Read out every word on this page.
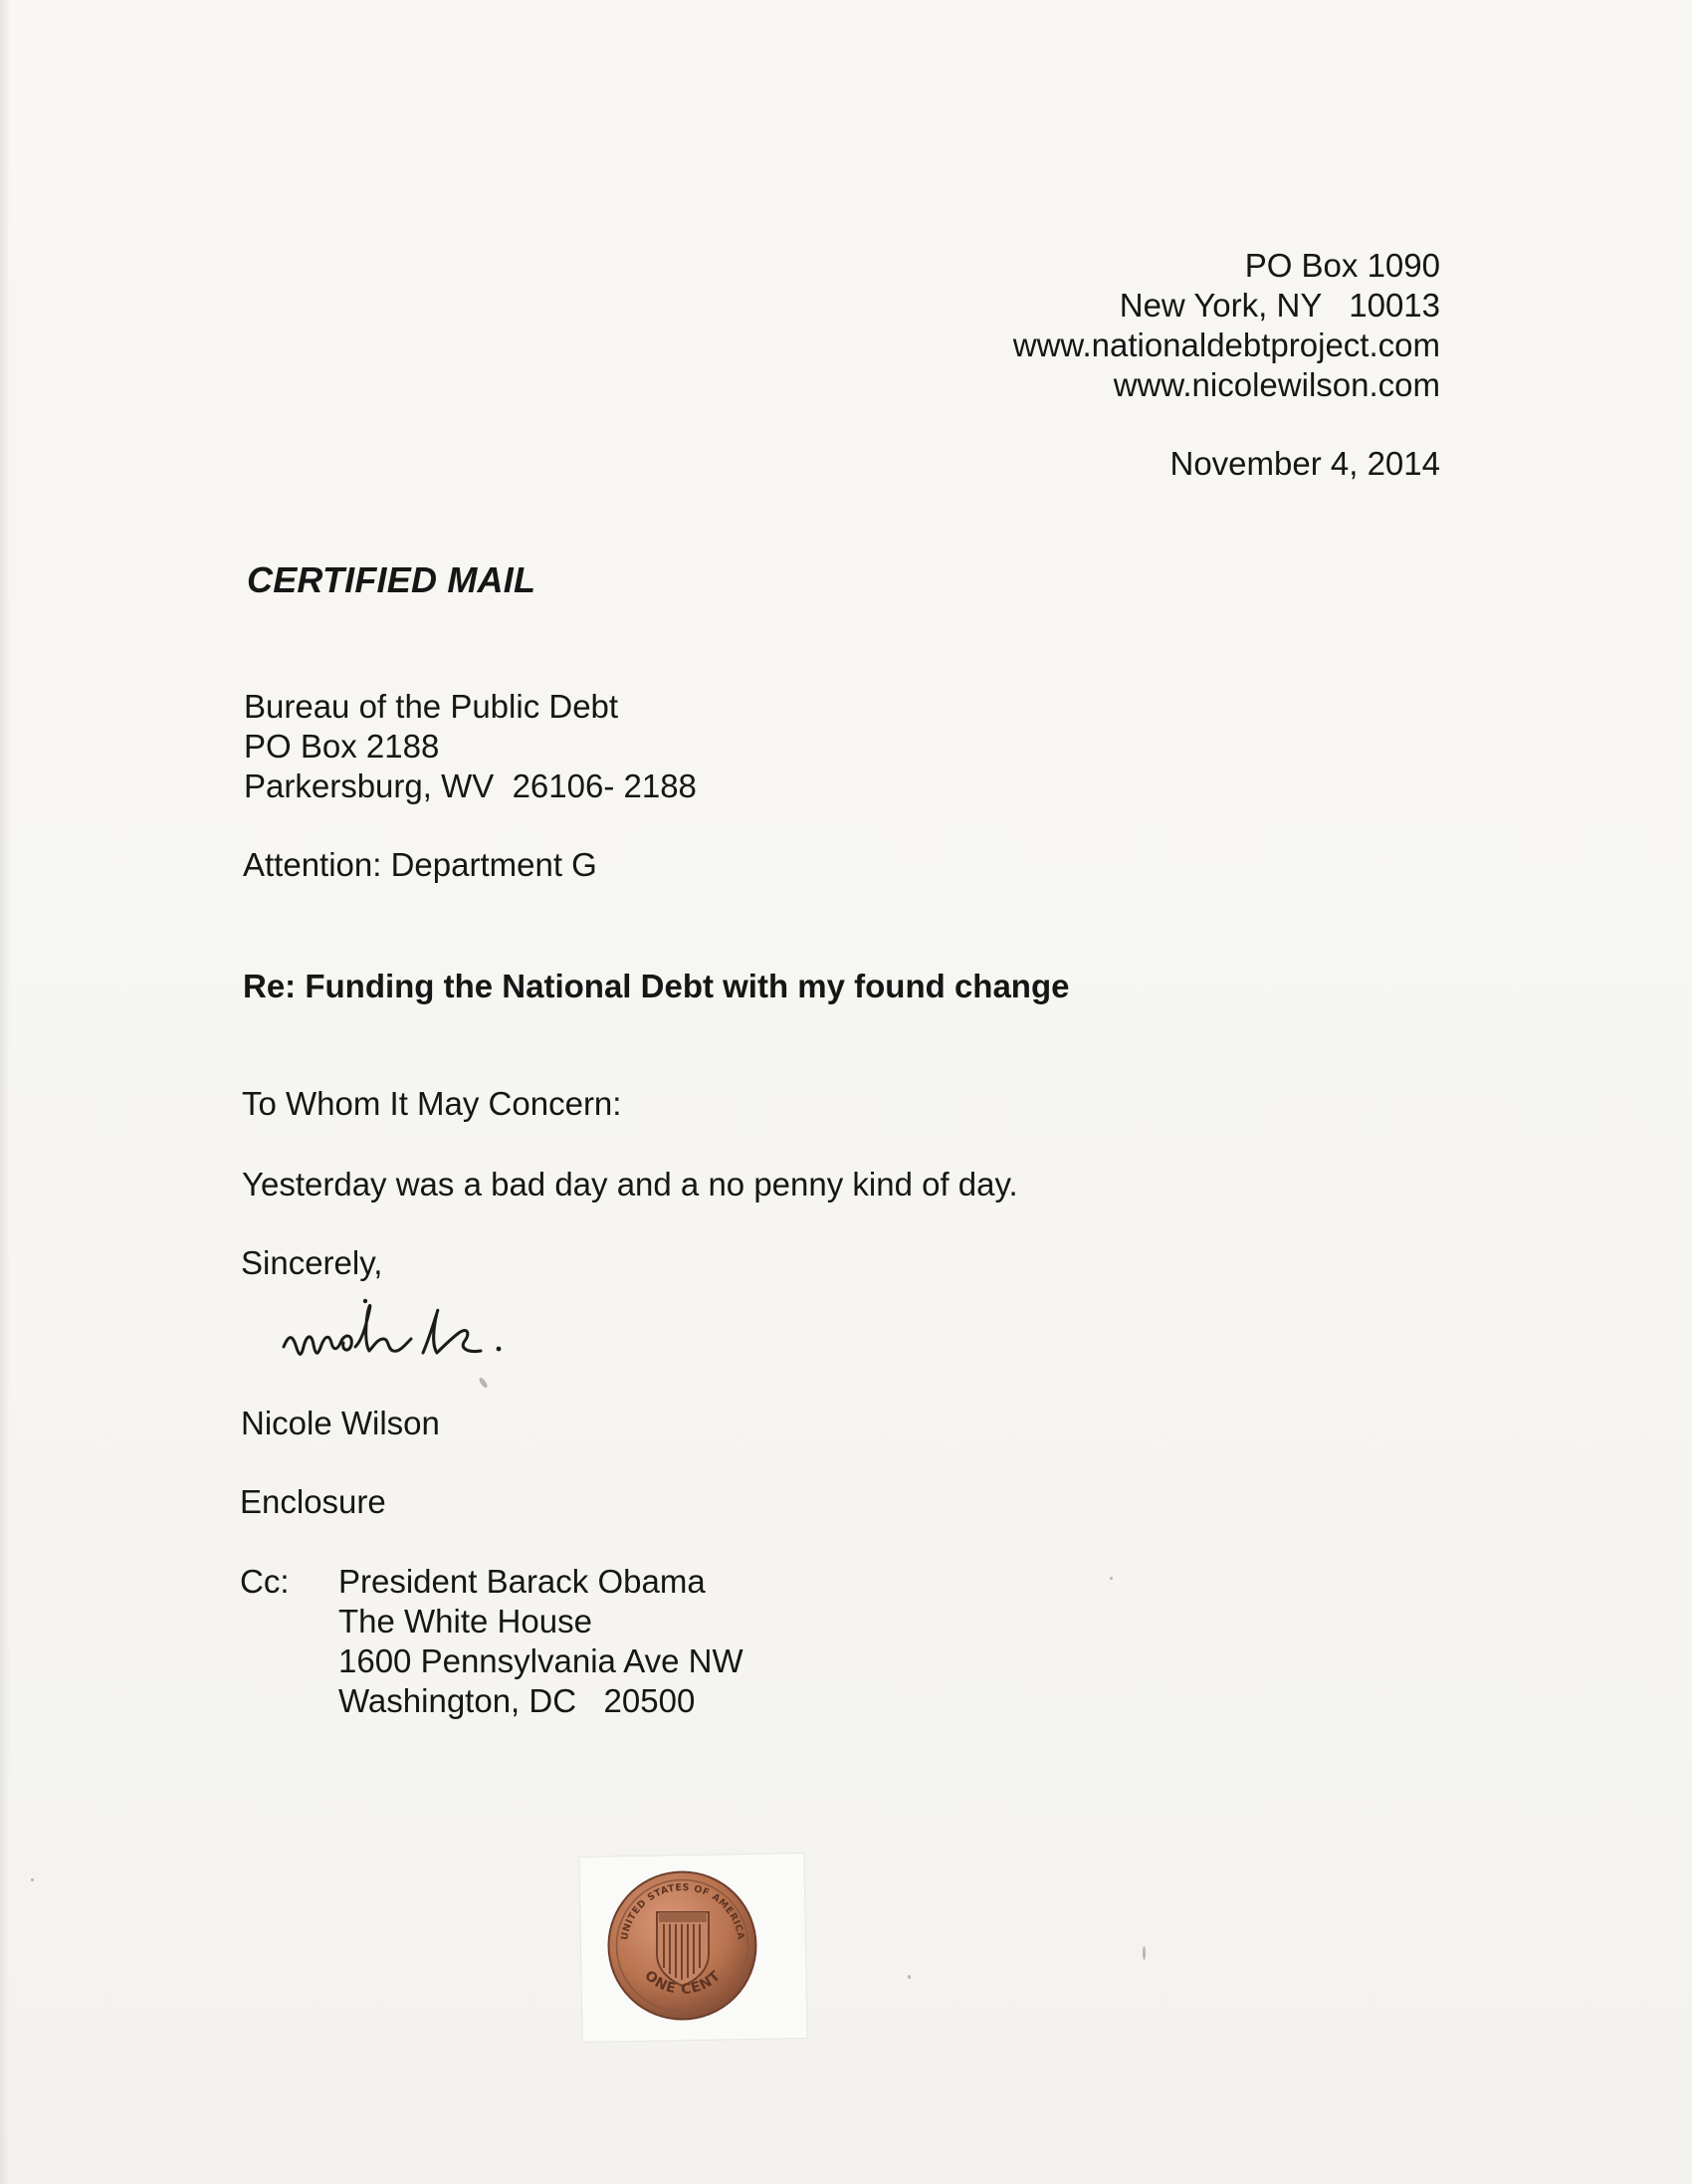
PO Box 1090
New York, NY   10013
www.nationaldebtproject.com
www.nicolewilson.com
November 4, 2014
CERTIFIED MAIL
Bureau of the Public Debt
PO Box 2188
Parkersburg, WV  26106- 2188
Attention: Department G
Re: Funding the National Debt with my found change
To Whom It May Concern:
Yesterday was a bad day and a no penny kind of day.
Sincerely,
Nicole Wilson
Enclosure
Cc: President Barack Obama
The White House
1600 Pennsylvania Ave NW
Washington, DC   20500
UNITED STATES OF AMERICA
ONE CENT
